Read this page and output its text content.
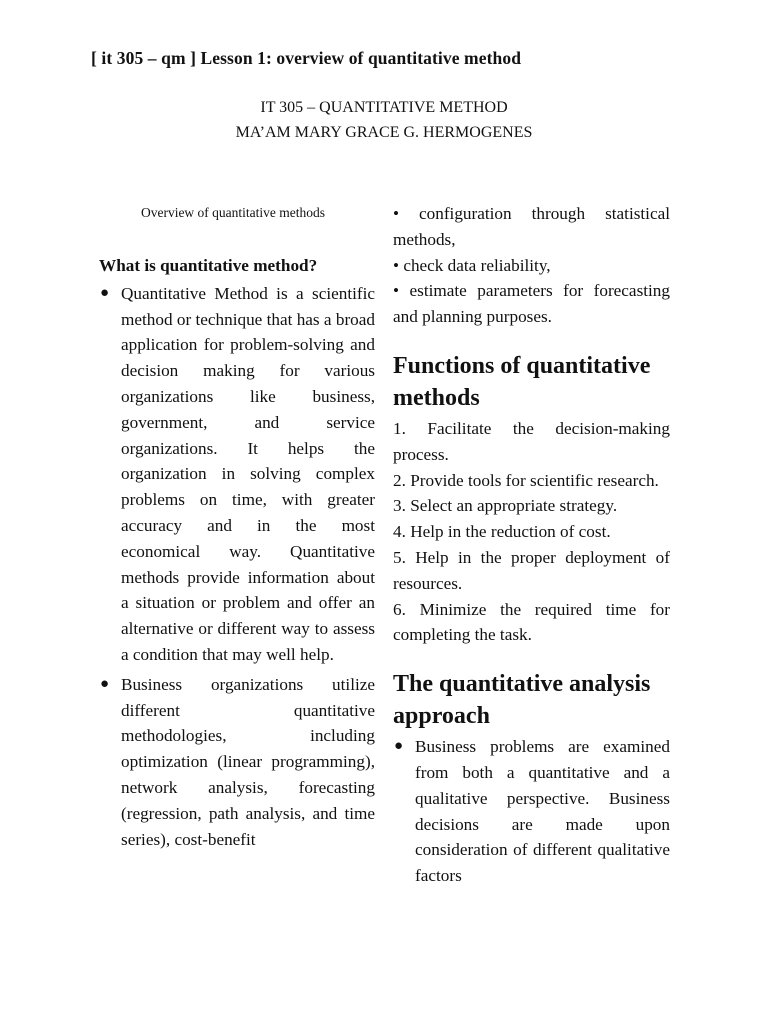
[ it 305 – qm ] Lesson 1: overview of quantitative method
IT 305 – QUANTITATIVE METHOD
MA’AM MARY GRACE G. HERMOGENES
Overview of quantitative methods
What is quantitative method?
● Quantitative Method is a scientific method or technique that has a broad application for problem-solving and decision making for various organizations like business, government, and service organizations. It helps the organization in solving complex problems on time, with greater accuracy and in the most economical way. Quantitative methods provide information about a situation or problem and offer an alternative or different way to assess a condition that may well help.
● Business organizations utilize different quantitative methodologies, including optimization (linear programming), network analysis, forecasting (regression, path analysis, and time series), cost-benefit

• configuration through statistical methods,

• check data reliability,

• estimate parameters for forecasting and planning purposes.

Functions of quantitative methods

1. Facilitate the decision-making process.

2. Provide tools for scientific research.

3. Select an appropriate strategy.

4. Help in the reduction of cost.

5. Help in the proper deployment of resources.

6. Minimize the required time for completing the task.

The quantitative analysis approach
● Business problems are examined from both a quantitative and a qualitative perspective. Business decisions are made upon consideration of different qualitative factors
